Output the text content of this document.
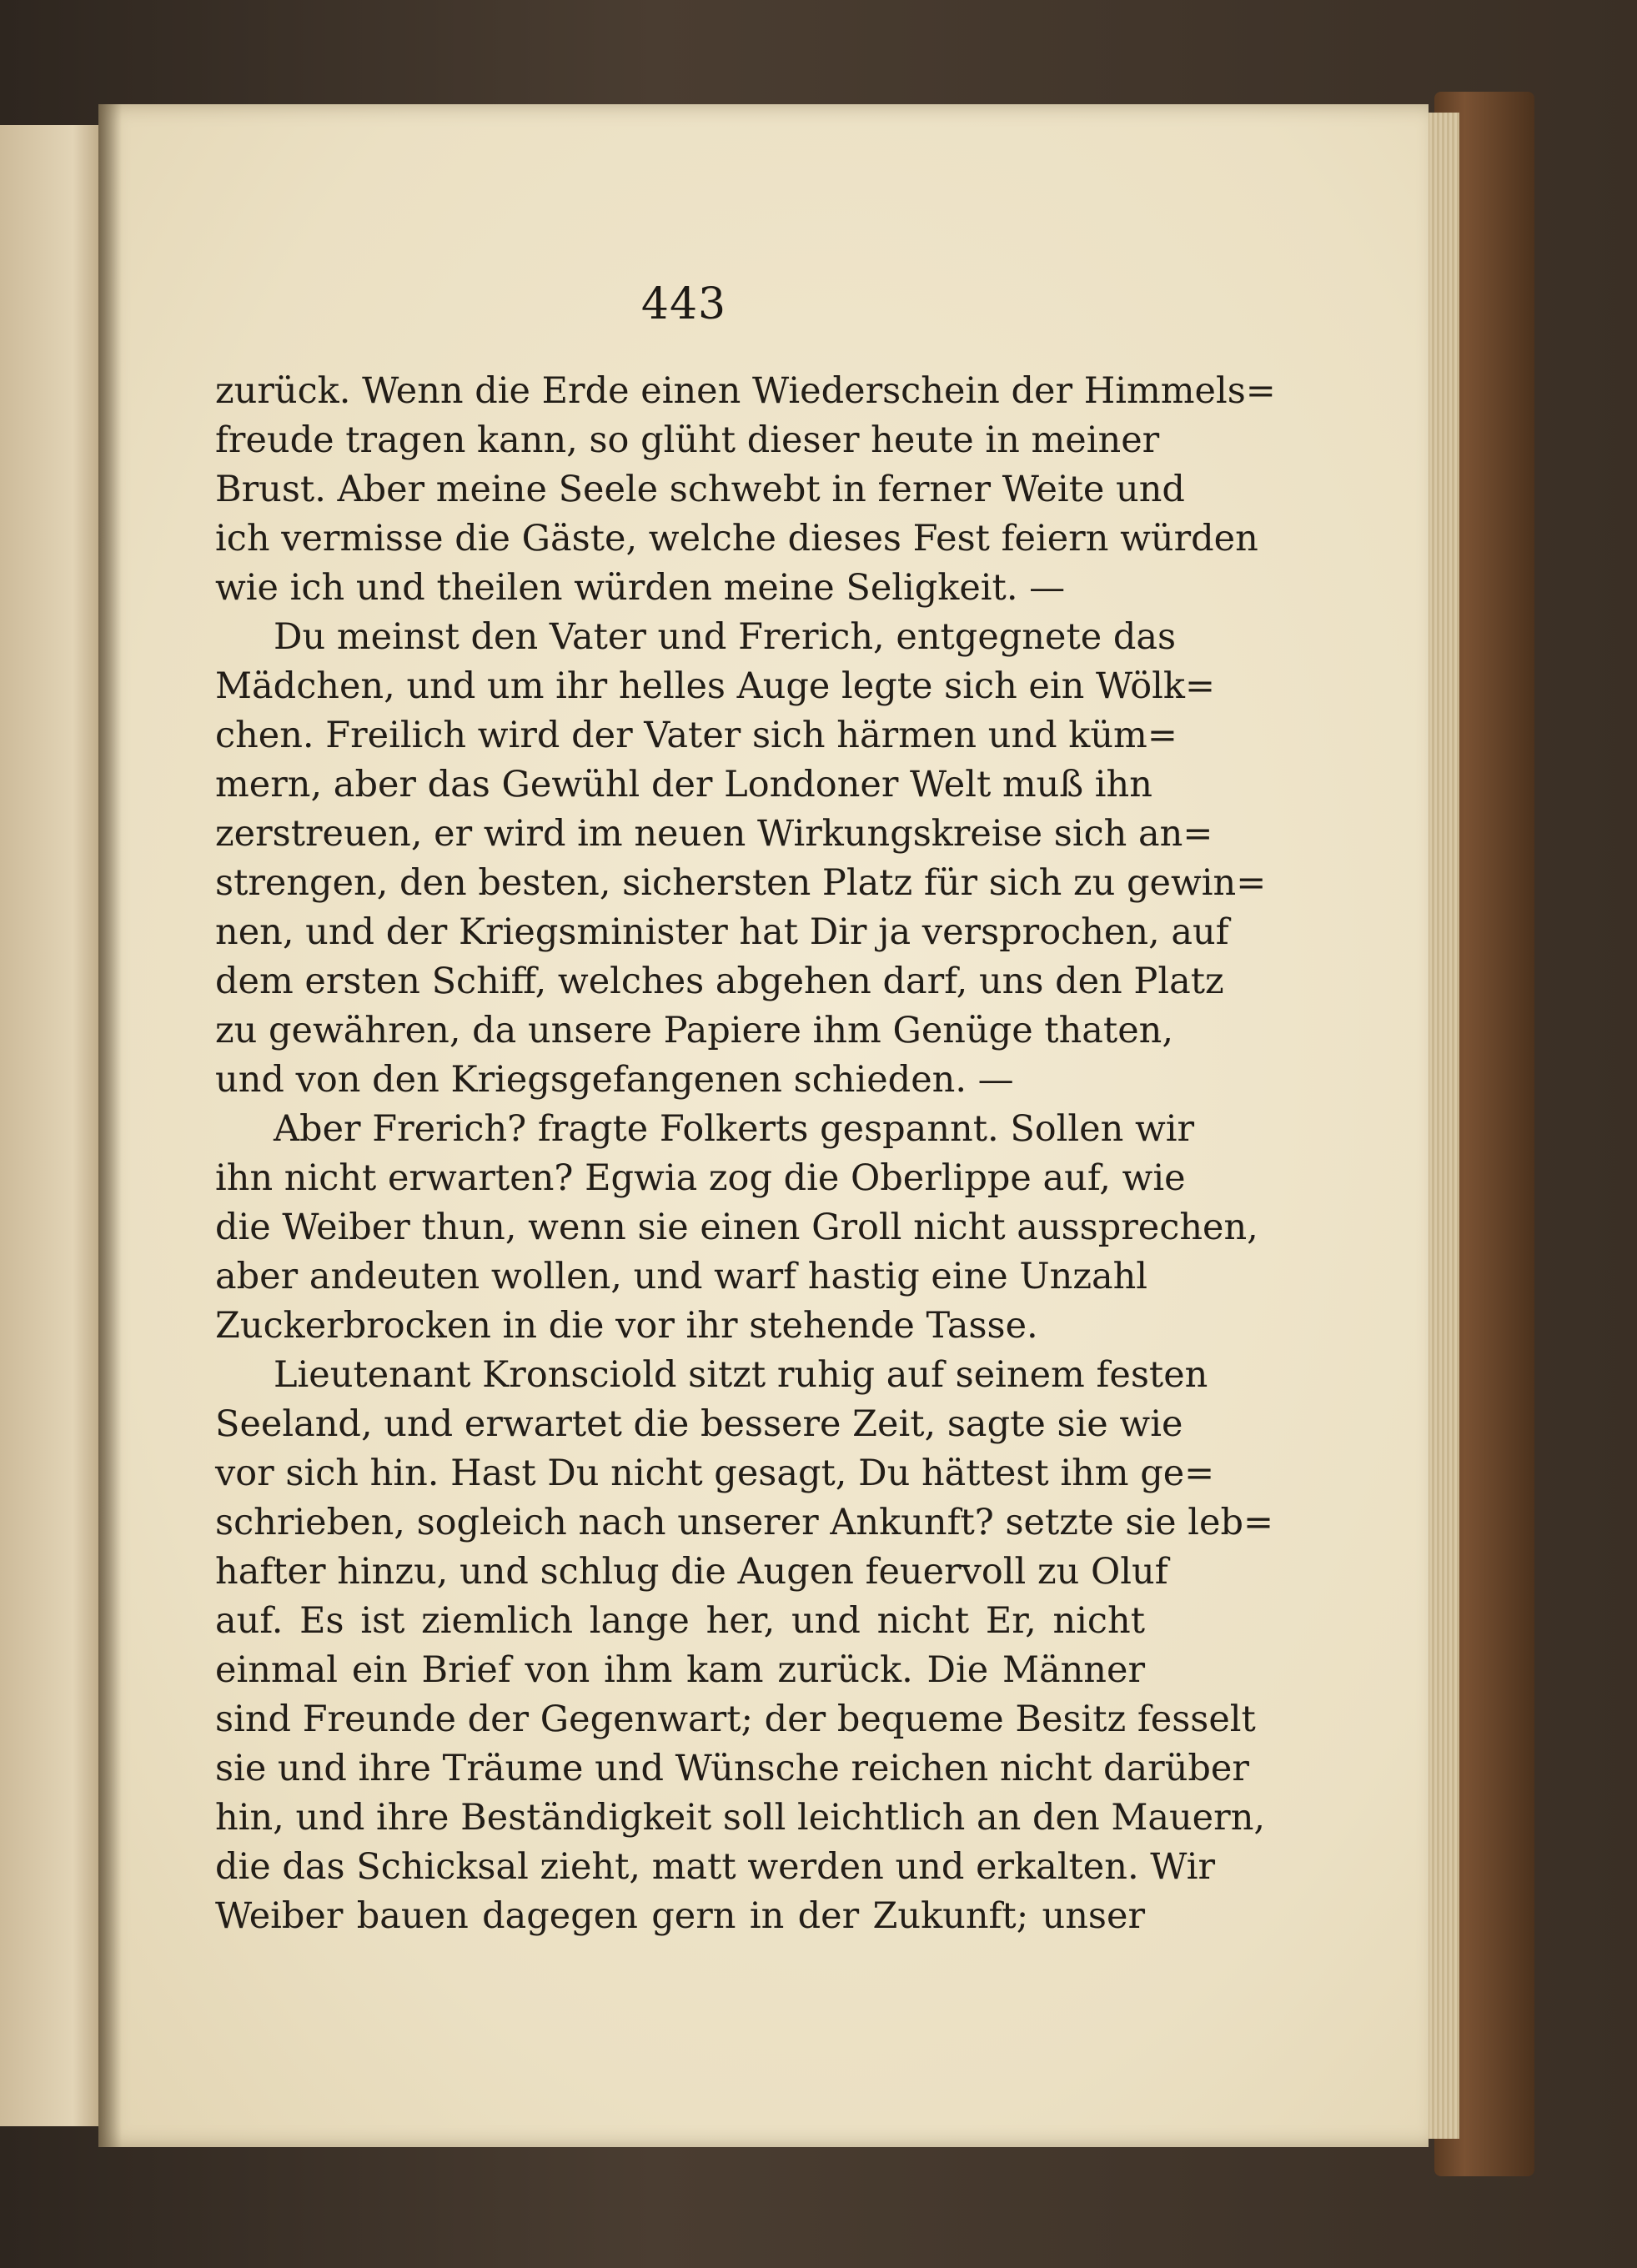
443
zurück. Wenn die Erde einen Wiederschein der Himmels=
freude tragen kann, so glüht dieser heute in meiner
Brust. Aber meine Seele schwebt in ferner Weite und
ich vermisse die Gäste, welche dieses Fest feiern würden
wie ich und theilen würden meine Seligkeit. —
Du meinst den Vater und Frerich, entgegnete das
Mädchen, und um ihr helles Auge legte sich ein Wölk=
chen. Freilich wird der Vater sich härmen und küm=
mern, aber das Gewühl der Londoner Welt muß ihn
zerstreuen, er wird im neuen Wirkungskreise sich an=
strengen, den besten, sichersten Platz für sich zu gewin=
nen, und der Kriegsminister hat Dir ja versprochen, auf
dem ersten Schiff, welches abgehen darf, uns den Platz
zu gewähren, da unsere Papiere ihm Genüge thaten,
und von den Kriegsgefangenen schieden. —
Aber Frerich? fragte Folkerts gespannt. Sollen wir
ihn nicht erwarten? Egwia zog die Oberlippe auf, wie
die Weiber thun, wenn sie einen Groll nicht aussprechen,
aber andeuten wollen, und warf hastig eine Unzahl
Zuckerbrocken in die vor ihr stehende Tasse.
Lieutenant Kronsciold sitzt ruhig auf seinem festen
Seeland, und erwartet die bessere Zeit, sagte sie wie
vor sich hin. Hast Du nicht gesagt, Du hättest ihm ge=
schrieben, sogleich nach unserer Ankunft? setzte sie leb=
hafter hinzu, und schlug die Augen feuervoll zu Oluf
auf. Es ist ziemlich lange her, und nicht Er, nicht
einmal ein Brief von ihm kam zurück. Die Männer
sind Freunde der Gegenwart; der bequeme Besitz fesselt
sie und ihre Träume und Wünsche reichen nicht darüber
hin, und ihre Beständigkeit soll leichtlich an den Mauern,
die das Schicksal zieht, matt werden und erkalten. Wir
Weiber bauen dagegen gern in der Zukunft; unser
